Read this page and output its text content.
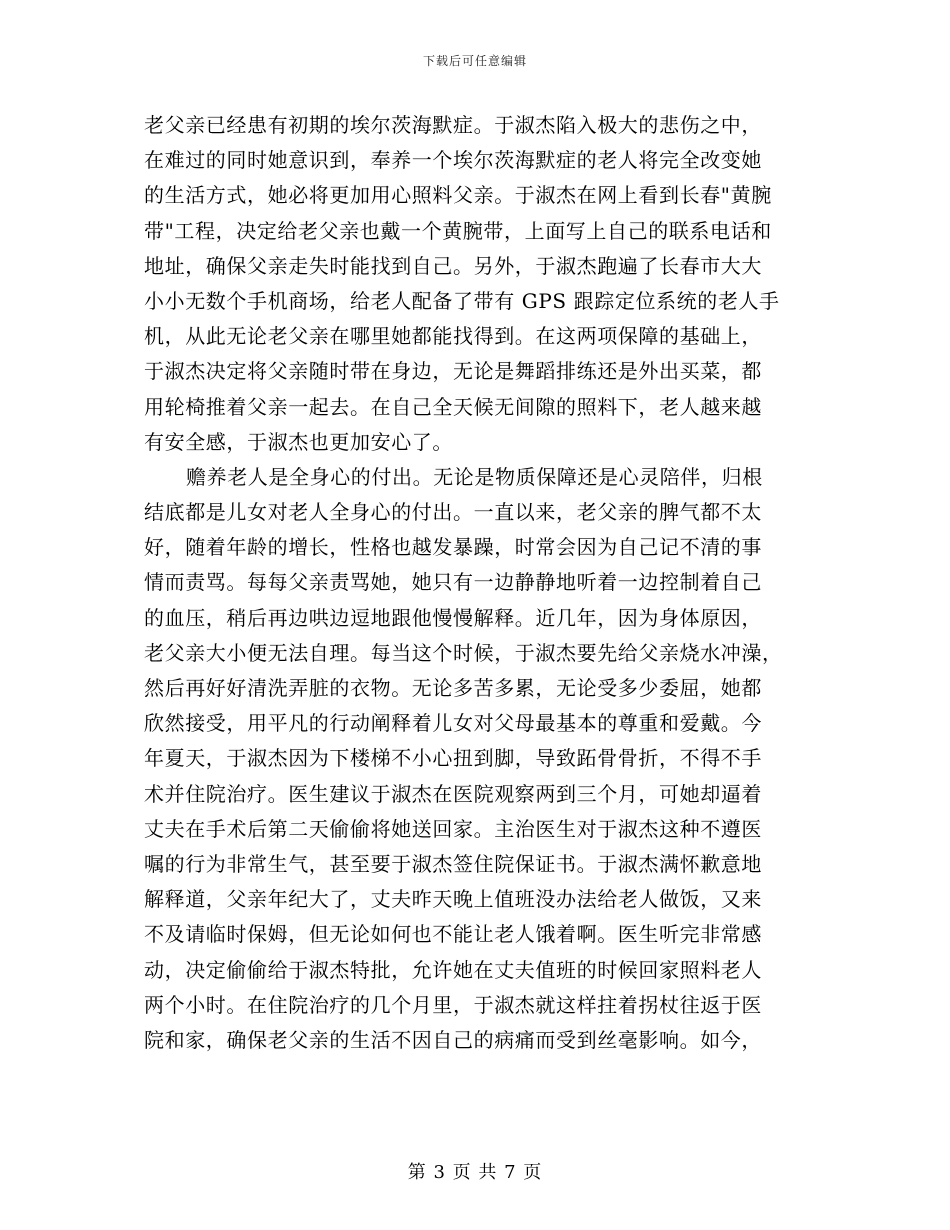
下载后可任意编辑
老父亲已经患有初期的埃尔茨海默症。于淑杰陷入极大的悲伤之中，
在难过的同时她意识到，奉养一个埃尔茨海默症的老人将完全改变她
的生活方式，她必将更加用心照料父亲。于淑杰在网上看到长春"黄腕
带"工程，决定给老父亲也戴一个黄腕带，上面写上自己的联系电话和
地址，确保父亲走失时能找到自己。另外，于淑杰跑遍了长春市大大
小小无数个手机商场，给老人配备了带有 GPS 跟踪定位系统的老人手
机，从此无论老父亲在哪里她都能找得到。在这两项保障的基础上，
于淑杰决定将父亲随时带在身边，无论是舞蹈排练还是外出买菜，都
用轮椅推着父亲一起去。在自己全天候无间隙的照料下，老人越来越
有安全感，于淑杰也更加安心了。
赡养老人是全身心的付出。无论是物质保障还是心灵陪伴，归根
结底都是儿女对老人全身心的付出。一直以来，老父亲的脾气都不太
好，随着年龄的增长，性格也越发暴躁，时常会因为自己记不清的事
情而责骂。每每父亲责骂她，她只有一边静静地听着一边控制着自己
的血压，稍后再边哄边逗地跟他慢慢解释。近几年，因为身体原因，
老父亲大小便无法自理。每当这个时候，于淑杰要先给父亲烧水冲澡，
然后再好好清洗弄脏的衣物。无论多苦多累，无论受多少委屈，她都
欣然接受，用平凡的行动阐释着儿女对父母最基本的尊重和爱戴。今
年夏天，于淑杰因为下楼梯不小心扭到脚，导致跖骨骨折，不得不手
术并住院治疗。医生建议于淑杰在医院观察两到三个月，可她却逼着
丈夫在手术后第二天偷偷将她送回家。主治医生对于淑杰这种不遵医
嘱的行为非常生气，甚至要于淑杰签住院保证书。于淑杰满怀歉意地
解释道，父亲年纪大了，丈夫昨天晚上值班没办法给老人做饭，又来
不及请临时保姆，但无论如何也不能让老人饿着啊。医生听完非常感
动，决定偷偷给于淑杰特批，允许她在丈夫值班的时候回家照料老人
两个小时。在住院治疗的几个月里，于淑杰就这样拄着拐杖往返于医
院和家，确保老父亲的生活不因自己的病痛而受到丝毫影响。如今，
第 3 页 共 7 页
